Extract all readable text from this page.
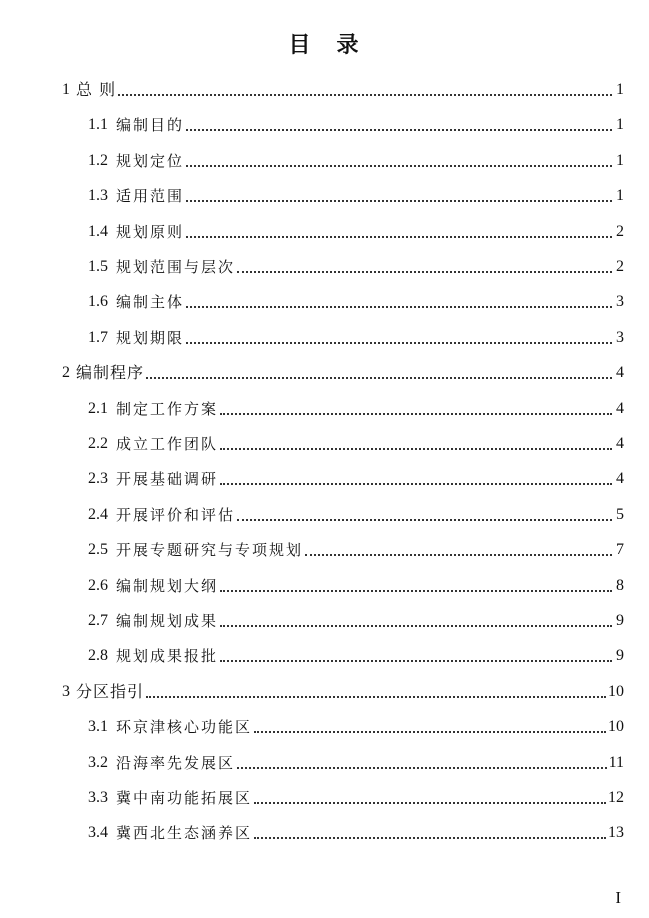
目　录
1 总 则	1
1.1 编制目的	1
1.2 规划定位	1
1.3 适用范围	1
1.4 规划原则	2
1.5 规划范围与层次	2
1.6 编制主体	3
1.7 规划期限	3
2 编制程序	4
2.1 制定工作方案	4
2.2 成立工作团队	4
2.3 开展基础调研	4
2.4 开展评价和评估	5
2.5 开展专题研究与专项规划	7
2.6 编制规划大纲	8
2.7 编制规划成果	9
2.8 规划成果报批	9
3 分区指引	10
3.1 环京津核心功能区	10
3.2 沿海率先发展区	11
3.3 冀中南功能拓展区	12
3.4 冀西北生态涵养区	13
I
